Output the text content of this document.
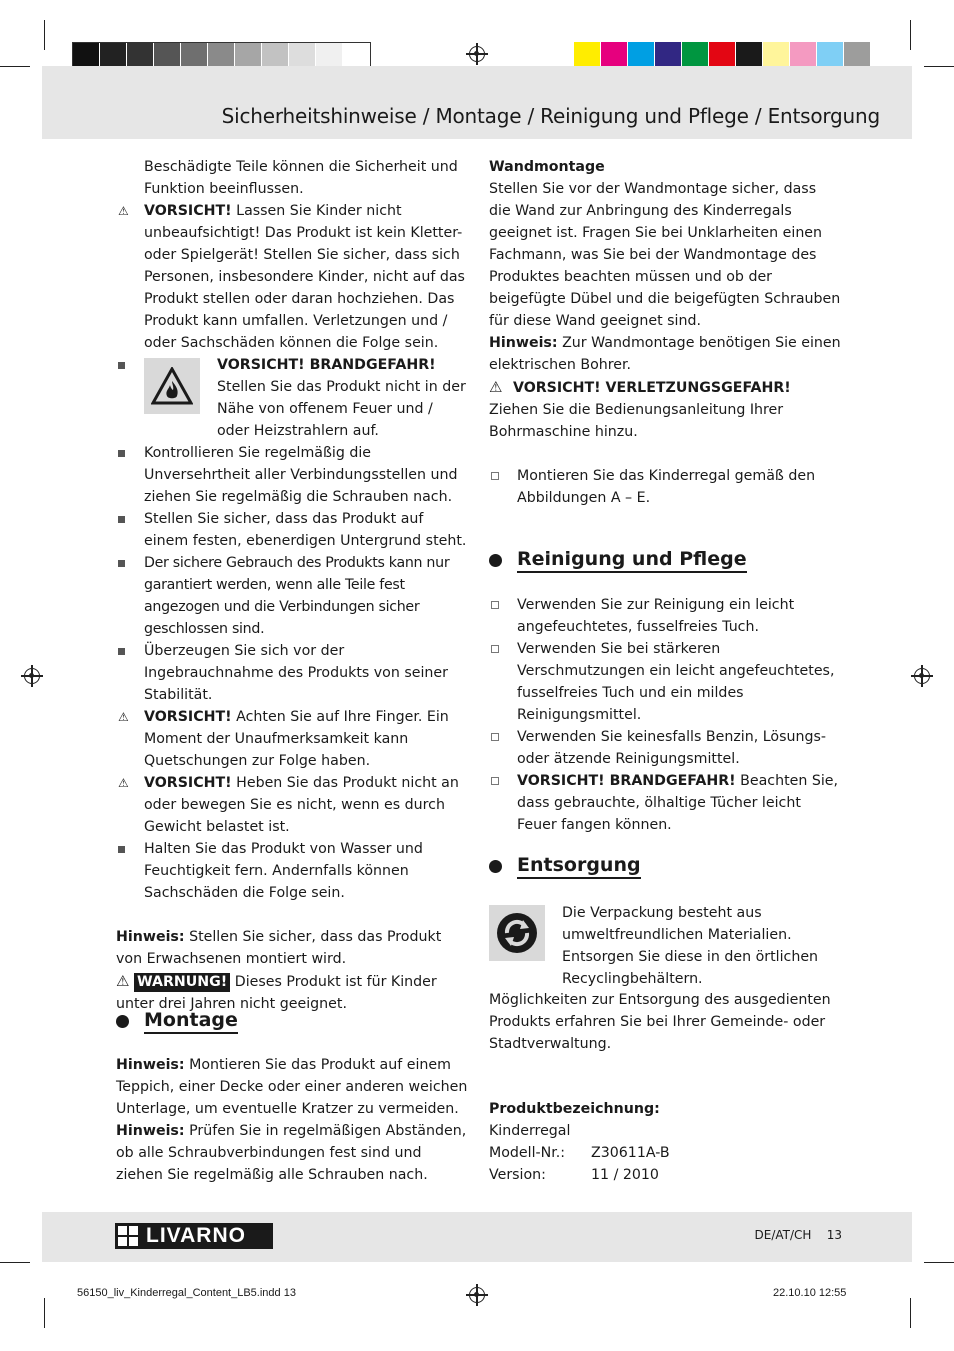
Sicherheitshinweise / Montage / Reinigung und Pflege / Entsorgung
Beschädigte Teile können die Sicherheit und Funktion beeinflussen.
⚠ VORSICHT! Lassen Sie Kinder nicht unbeaufsichtigt! Das Produkt ist kein Kletter- oder Spielgerät! Stellen Sie sicher, dass sich Personen, insbesondere Kinder, nicht auf das Produkt stellen oder daran hochziehen. Das Produkt kann umfallen. Verletzungen und / oder Sachschäden können die Folge sein.
VORSICHT! BRANDGEFAHR!
Stellen Sie das Produkt nicht in der Nähe von offenem Feuer und / oder Heizstrahlern auf.
Kontrollieren Sie regelmäßig die Unversehrtheit aller Verbindungsstellen und ziehen Sie regelmäßig die Schrauben nach.
Stellen Sie sicher, dass das Produkt auf einem festen, ebenerdigen Untergrund steht.
Der sichere Gebrauch des Produkts kann nur garantiert werden, wenn alle Teile fest angezogen und die Verbindungen sicher geschlossen sind.
Überzeugen Sie sich vor der Ingebrauchnahme des Produkts von seiner Stabilität.
⚠ VORSICHT! Achten Sie auf Ihre Finger. Ein Moment der Unaufmerksamkeit kann Quetschungen zur Folge haben.
⚠ VORSICHT! Heben Sie das Produkt nicht an oder bewegen Sie es nicht, wenn es durch Gewicht belastet ist.
Halten Sie das Produkt von Wasser und Feuchtigkeit fern. Andernfalls können Sachschäden die Folge sein.

Hinweis: Stellen Sie sicher, dass das Produkt von Erwachsenen montiert wird.

⚠ WARNUNG! Dieses Produkt ist für Kinder unter drei Jahren nicht geeignet.

Montage

Hinweis: Montieren Sie das Produkt auf einem Teppich, einer Decke oder einer anderen weichen Unterlage, um eventuelle Kratzer zu vermeiden.

Hinweis: Prüfen Sie in regelmäßigen Abständen, ob alle Schraubverbindungen fest sind und ziehen Sie regelmäßig alle Schrauben nach.

Wandmontage

Stellen Sie vor der Wandmontage sicher, dass die Wand zur Anbringung des Kinderregals geeignet ist. Fragen Sie bei Unklarheiten einen Fachmann, was Sie bei der Wandmontage des Produktes beachten müssen und ob der beigefügte Dübel und die beigefügten Schrauben für diese Wand geeignet sind.

Hinweis: Zur Wandmontage benötigen Sie einen elektrischen Bohrer.

⚠ VORSICHT! VERLETZUNGSGEFAHR!

Ziehen Sie die Bedienungsanleitung Ihrer Bohrmaschine hinzu.

Montieren Sie das Kinderregal gemäß den Abbildungen A – E.
Reinigung und Pflege
Verwenden Sie zur Reinigung ein leicht angefeuchtetes, fusselfreies Tuch.
Verwenden Sie bei stärkeren Verschmutzungen ein leicht angefeuchtetes, fusselfreies Tuch und ein mildes Reinigungsmittel.
Verwenden Sie keinesfalls Benzin, Lösungs- oder ätzende Reinigungsmittel.
VORSICHT! BRANDGEFAHR! Beachten Sie, dass gebrauchte, ölhaltige Tücher leicht Feuer fangen können.
Entsorgung

Die Verpackung besteht aus umweltfreundlichen Materialien. Entsorgen Sie diese in den örtlichen Recyclingbehältern.

Möglichkeiten zur Entsorgung des ausgedienten Produkts erfahren Sie bei Ihrer Gemeinde- oder Stadtverwaltung.

Produktbezeichnung:

Kinderregal

Modell-Nr.: Z30611A-B

Version:	11 / 2010

LIVARNO	DE/AT/CH 13
56150_liv_Kinderregal_Content_LB5.indd 13	22.10.10 12:55
